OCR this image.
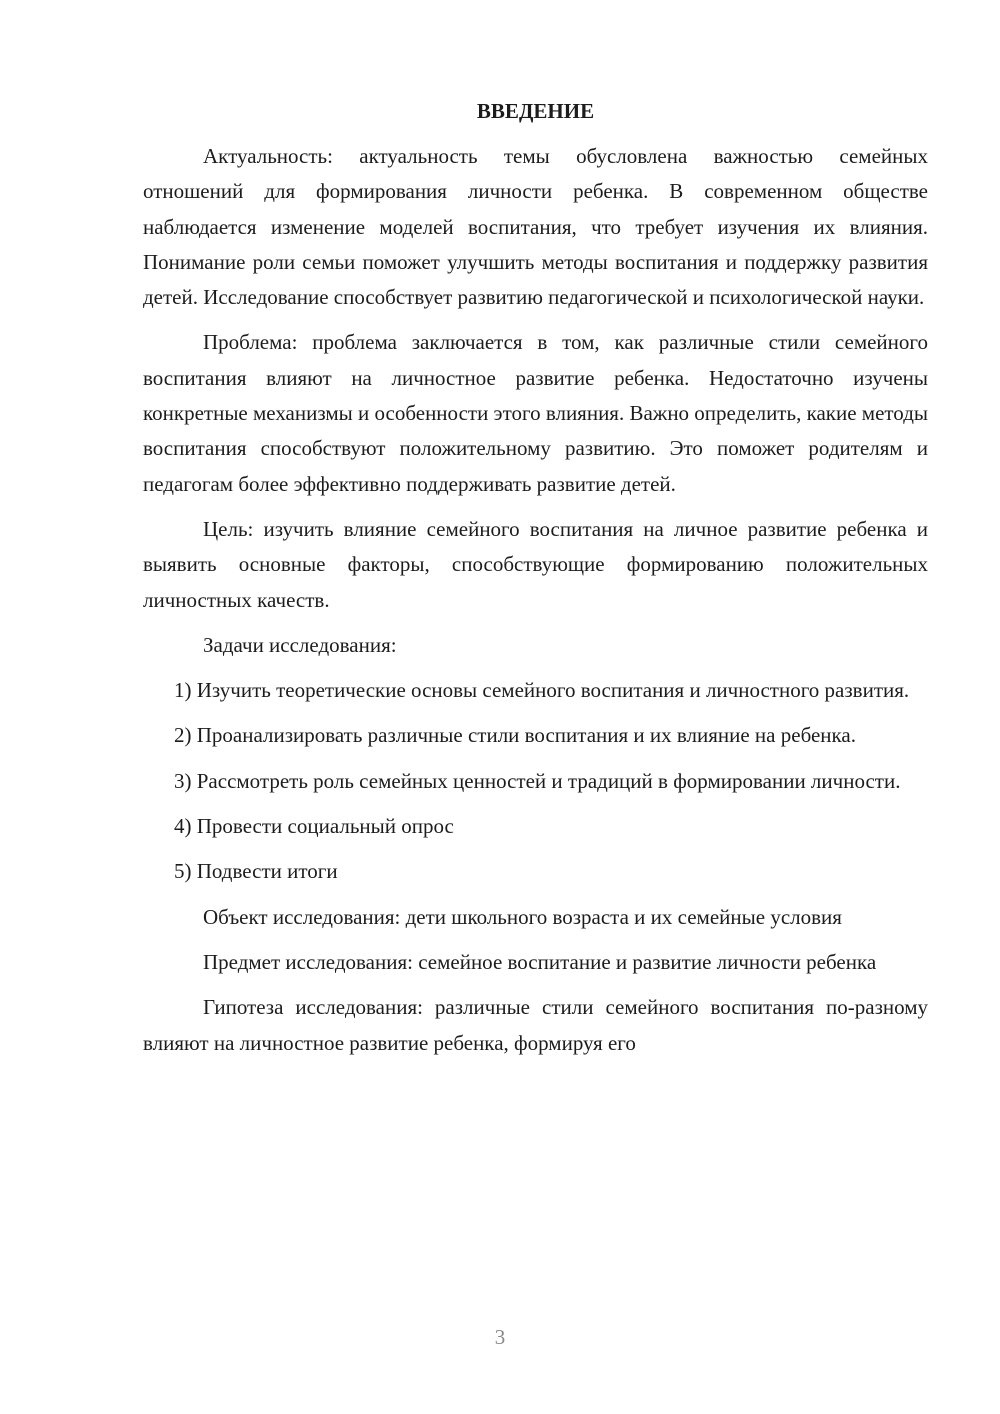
ВВЕДЕНИЕ
Актуальность: актуальность темы обусловлена важностью семейных отношений для формирования личности ребенка. В современном обществе наблюдается изменение моделей воспитания, что требует изучения их влияния. Понимание роли семьи поможет улучшить методы воспитания и поддержку развития детей. Исследование способствует развитию педагогической и психологической науки.
Проблема: проблема заключается в том, как различные стили семейного воспитания влияют на личностное развитие ребенка. Недостаточно изучены конкретные механизмы и особенности этого влияния. Важно определить, какие методы воспитания способствуют положительному развитию. Это поможет родителям и педагогам более эффективно поддерживать развитие детей.
Цель: изучить влияние семейного воспитания на личное развитие ребенка и выявить основные факторы, способствующие формированию положительных личностных качеств.
Задачи исследования:
1) Изучить теоретические основы семейного воспитания и личностного развития.
2) Проанализировать различные стили воспитания и их влияние на ребенка.
3) Рассмотреть роль семейных ценностей и традиций в формировании личности.
4) Провести социальный опрос
5) Подвести итоги
Объект исследования: дети школьного возраста и их семейные условия
Предмет исследования: семейное воспитание и развитие личности ребенка
Гипотеза исследования: различные стили семейного воспитания по-разному влияют на личностное развитие ребенка, формируя его
3
